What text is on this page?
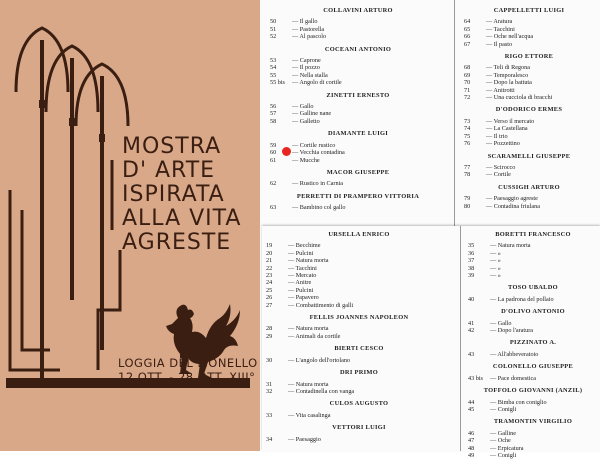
MOSTRA
D' ARTE
ISPIRATA
ALLA VITA
AGRESTE
LOGGIA DEL LIONELLO
12 OTT. - 28 OTT. XIII°
COLLAVINI ARTURO
50	— Il gallo
51	— Pastorella
52	— Al pascolo
COCEANI ANTONIO
53	— Caprone
54	— Il pozzo
55	— Nella stalla
55 bis — Angolo di cortile
ZINETTI ERNESTO
56	— Gallo
57	— Galline nane
58	— Galletto
DIAMANTE LUIGI
59	— Cortile rustico
60	— Vecchia contadina
61	— Mucche
MACOR GIUSEPPE
62	— Rustico in Carnia
PERRETTI DI PRAMPERO VITTORIA
63	— Bambino col gallo
CAPPELLETTI LUIGI
64	— Aratura
65	— Tacchini
66	— Oche nell'acqua
67	— Il pasto
RIGO ETTORE
68	— Teli di Regona
69	— Temporalesco
70	— Dopo la battuta
71	— Anitrotti
72	— Una cucciola di bracchi
D'ODORICO ERMES
73	— Verso il mercato
74	— La Castellana
75	— Il trio
76	— Pozzettino
SCARAMELLI GIUSEPPE
77	— Scirocco
78	— Cortile
CUSSIGH ARTURO
79	— Paesaggio agreste
80	— Contadina friulana
URSELLA ENRICO
19	— Becchime
20	— Pulcini
21	— Natura morta
22	— Tacchini
23	— Mercato
24	— Anitre
25	— Pulcini
26	— Papavero
27	— Combattimento di galli
FELLIS JOANNES NAPOLEON
28	— Natura morta
29	— Animali da cortile
BIERTI CESCO
30	— L'angolo dell'ortolano
DRI PRIMO
31	— Natura morta
32	— Contadinella con vanga
CULOS AUGUSTO
33	— Vita casalinga
VETTORI LUIGI
34	— Paesaggio
BORETTI FRANCESCO
35	— Natura morta
36	— »
37	— »
38	— »
39	— »
TOSO UBALDO
40	— La padrona del pollaio
D'OLIVO ANTONIO
41	— Gallo
42	— Dopo l'aratura
PIZZINATO A.
43	— All'abbeveratoio
COLONELLO GIUSEPPE
43 bis — Pace domestica
TOFFOLO GIOVANNI (ANZIL)
44	— Bimba con coniglio
45	— Conigli
TRAMONTIN VIRGILIO
46	— Galline
47	— Oche
48	— Erpicatura
49	— Conigli
